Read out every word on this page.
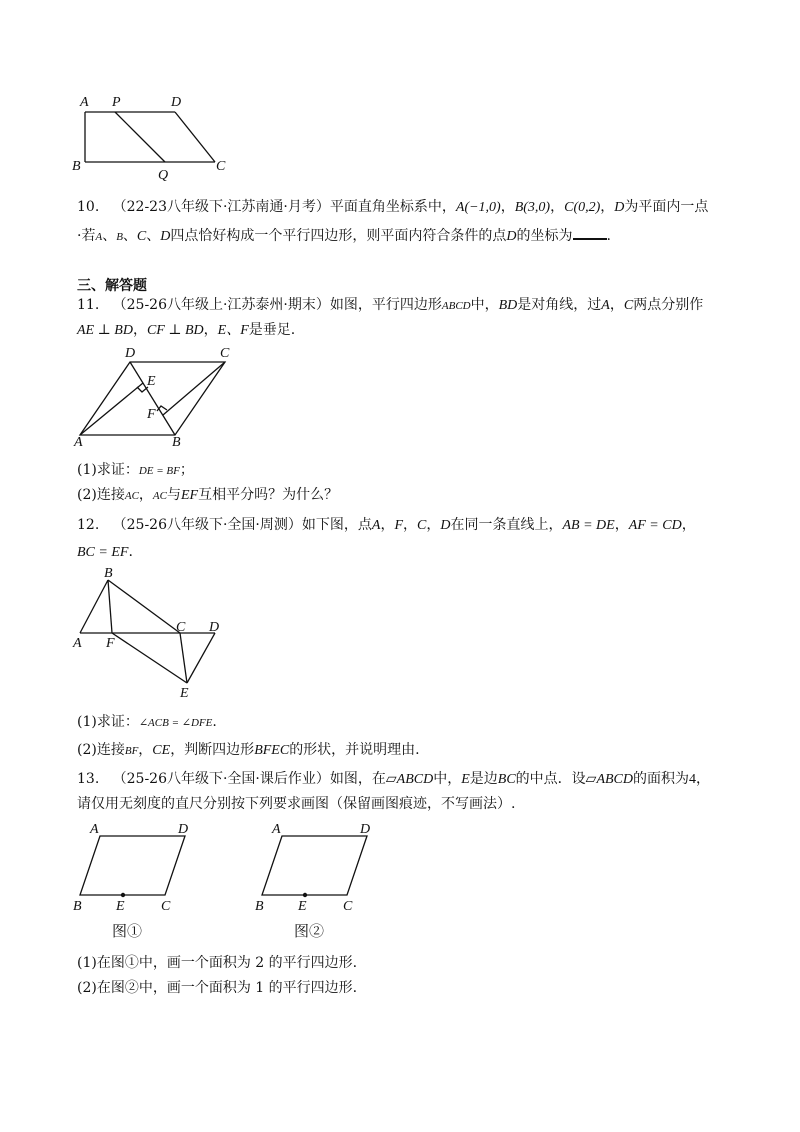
A P	D
B
Q
C
10. （22-23八年级下·江苏南通·月考）平面直角坐标系中，A(−1,0)，B(3,0)，C(0,2)，D为平面内一点
·若A、B、C、D四点恰好构成一个平行四边形，则平面内符合条件的点D的坐标为 .
三、解答题
11. （25-26八年级上·江苏泰州·期末）如图，平行四边形ABCD中，BD是对角线，过A，C两点分别作
AE ⊥ BD，CF ⊥ BD，E、F是垂足.
D	C
E
F
A	B
(1)求证：DE = BF；
(2)连接AC，AC与EF互相平分吗？为什么？
12. （25-26八年级下·全国·周测）如下图，点A，F，C，D在同一条直线上，AB = DE，AF = CD，
BC = EF.
B
A F
C D
E
(1)求证：∠ACB = ∠DFE.
(2)连接BF，CE，判断四边形BFEC的形状，并说明理由.
13. （25-26八年级下·全国·课后作业）如图，在▱ABCD中，E是边BC的中点．设▱ABCD的面积为4，
请仅用无刻度的直尺分别按下列要求画图（保留画图痕迹，不写画法）.
A	D
B E	C
图①
A	D
B E	C
图②
(1)在图①中，画一个面积为 2 的平行四边形.
(2)在图②中，画一个面积为 1 的平行四边形.
